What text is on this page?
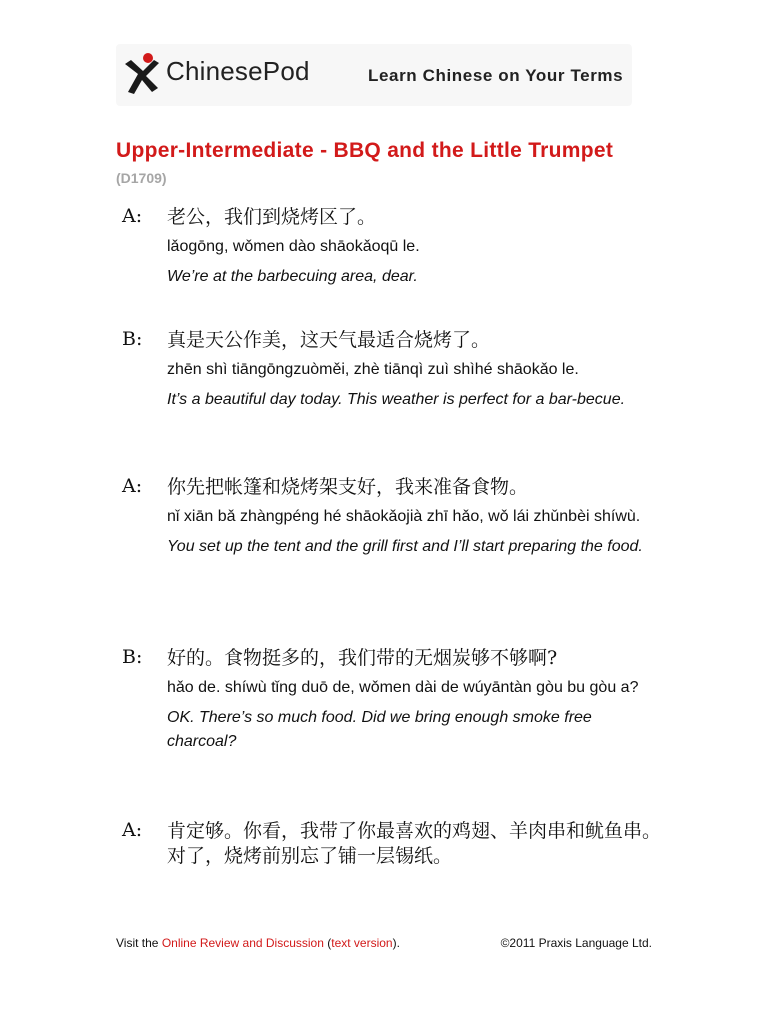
ChinesePod	Learn Chinese on Your Terms
Upper-Intermediate - BBQ and the Little Trumpet
(D1709)
A: 老公，我们到烧烤区了。

lǎogōng, wǒmen dào shāokǎoqū le.

We’re at the barbecuing area, dear.

B: 真是天公作美，这天气最适合烧烤了。

zhēn shì tiāngōngzuòměi, zhè tiānqì zuì shìhé shāokǎo le.

It’s a beautiful day today. This weather is perfect for a bar-becue.

A: 你先把帐篷和烧烤架支好，我来准备食物。

nǐ xiān bǎ zhàngpéng hé shāokǎojià zhī hǎo, wǒ lái zhǔnbèi shíwù.

You set up the tent and the grill first and I’ll start preparing the food.

B: 好的。食物挺多的，我们带的无烟炭够不够啊?

hǎo de. shíwù tǐng duō de, wǒmen dài de wúyāntàn gòu bu gòu a?

OK. There’s so much food. Did we bring enough smoke free charcoal?

A: 肯定够。你看，我带了你最喜欢的鸡翅、羊肉串和鱿鱼串。对了，烧烤前别忘了铺一层锡纸。

Visit the Online Review and Discussion (text version).	©2011 Praxis Language Ltd.
